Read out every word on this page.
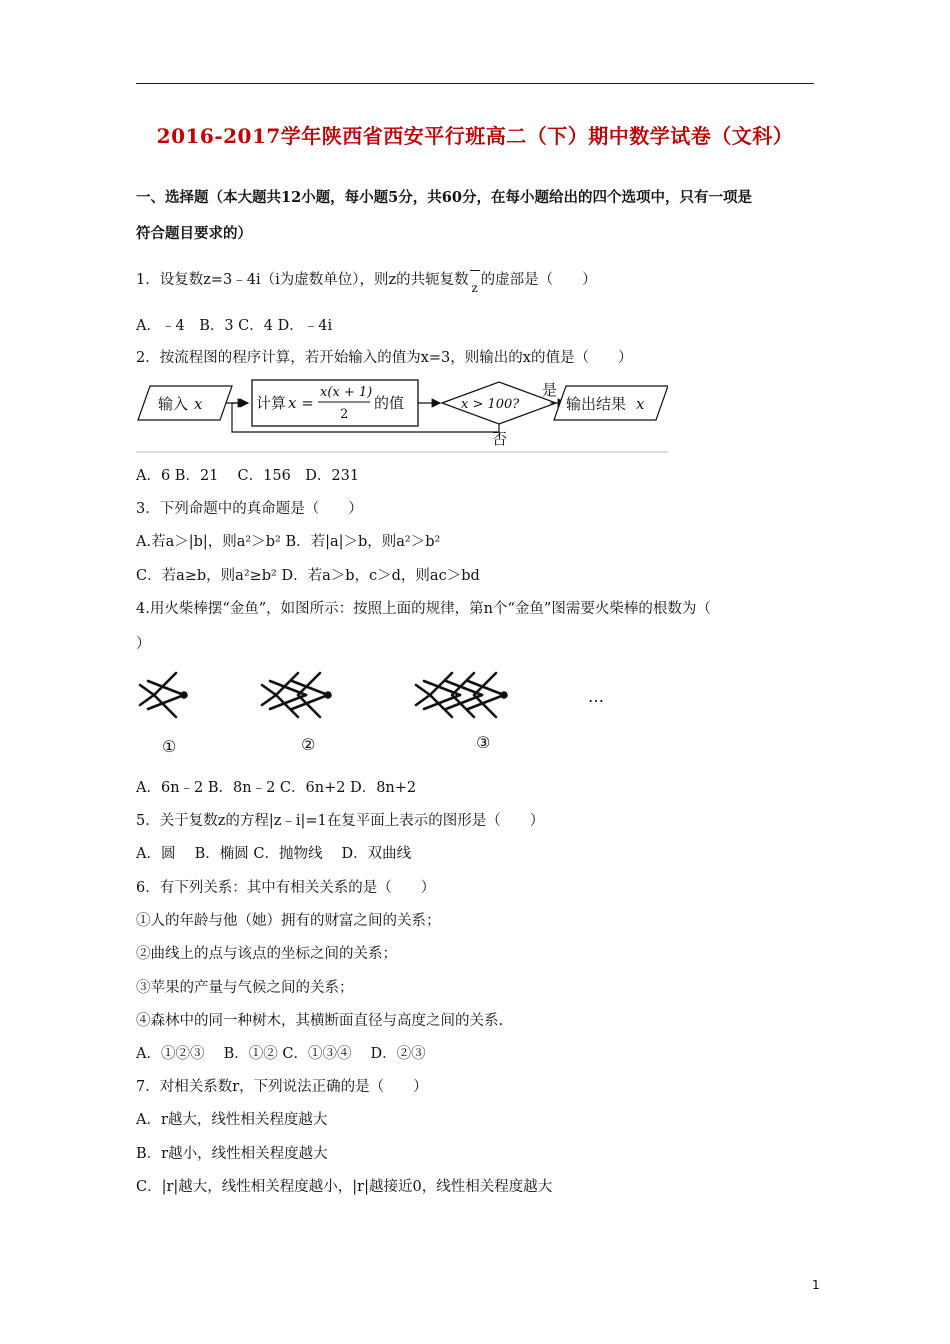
2016-2017学年陕西省西安平行班高二（下）期中数学试卷（文科）
一、选择题（本大题共12小题，每小题5分，共60分，在每小题给出的四个选项中，只有一项是
符合题目要求的）
1．设复数z=3﹣4i（i为虚数单位），则z的共轭复数 $_z$ 的虚部是（　　）
A．﹣4　B．3 C．4 D．﹣4i
2．按流程图的程序计算，若开始输入的值为x=3，则输出的x的值是（　　）
输入 x	计算 x =
x(x + 1)
2
的值	x > 100?
是
输出结果 x
否
A．6 B．21　 C．156　D．231
3．下列命题中的真命题是（　　）
A.若a＞|b|，则a²＞b² B．若|a|＞b，则a²＞b²
C．若a≥b，则a²≥b² D．若a＞b，c＞d，则ac＞bd
4.用火柴棒摆“金鱼”，如图所示：按照上面的规律，第n个“金鱼”图需要火柴棒的根数为（
）
①	②	③
…
A．6n﹣2 B．8n﹣2 C．6n+2 D．8n+2
5．关于复数z的方程|z﹣i|=1在复平面上表示的图形是（　　）
A．圆　 B．椭圆 C．抛物线　 D．双曲线
6．有下列关系：其中有相关关系的是（　　）
①人的年龄与他（她）拥有的财富之间的关系；
②曲线上的点与该点的坐标之间的关系；
③苹果的产量与气候之间的关系；
④森林中的同一种树木，其横断面直径与高度之间的关系.
A．①②③　 B．①② C．①③④　 D．②③
7．对相关系数r，下列说法正确的是（　　）
A．r越大，线性相关程度越大
B．r越小，线性相关程度越大
C．|r|越大，线性相关程度越小，|r|越接近0，线性相关程度越大
1
